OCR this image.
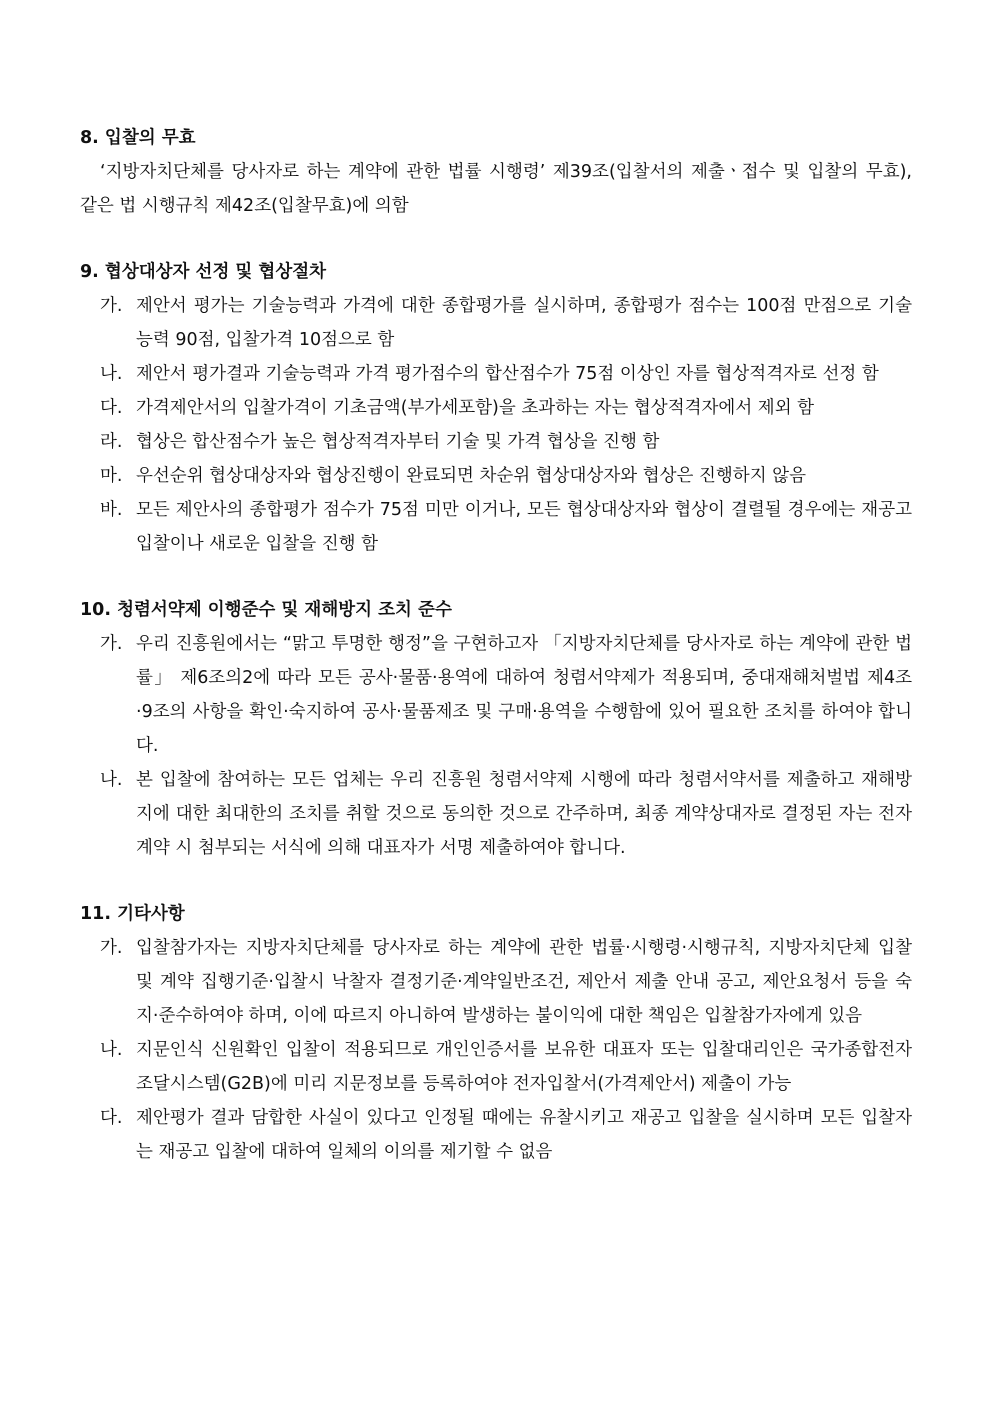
8. 입찰의 무효
‘지방자치단체를 당사자로 하는 계약에 관한 법률 시행령’ 제39조(입찰서의 제출ㆍ접수 및 입찰의 무효), 같은 법 시행규칙 제42조(입찰무효)에 의함
9. 협상대상자 선정 및 협상절차
가. 제안서 평가는 기술능력과 가격에 대한 종합평가를 실시하며, 종합평가 점수는 100점 만점으로 기술능력 90점, 입찰가격 10점으로 함
나. 제안서 평가결과 기술능력과 가격 평가점수의 합산점수가 75점 이상인 자를 협상적격자로 선정 함
다. 가격제안서의 입찰가격이 기초금액(부가세포함)을 초과하는 자는 협상적격자에서 제외 함
라. 협상은 합산점수가 높은 협상적격자부터 기술 및 가격 협상을 진행 함
마. 우선순위 협상대상자와 협상진행이 완료되면 차순위 협상대상자와 협상은 진행하지 않음
바. 모든 제안사의 종합평가 점수가 75점 미만 이거나, 모든 협상대상자와 협상이 결렬될 경우에는 재공고입찰이나 새로운 입찰을 진행 함
10. 청렴서약제 이행준수 및 재해방지 조치 준수
가. 우리 진흥원에서는 “맑고 투명한 행정”을 구현하고자 「지방자치단체를 당사자로 하는 계약에 관한 법률」 제6조의2에 따라 모든 공사·물품·용역에 대하여 청렴서약제가 적용되며, 중대재해처벌법 제4조·9조의 사항을 확인·숙지하여 공사·물품제조 및 구매·용역을 수행함에 있어 필요한 조치를 하여야 합니다.
나. 본 입찰에 참여하는 모든 업체는 우리 진흥원 청렴서약제 시행에 따라 청렴서약서를 제출하고 재해방지에 대한 최대한의 조치를 취할 것으로 동의한 것으로 간주하며, 최종 계약상대자로 결정된 자는 전자계약 시 첨부되는 서식에 의해 대표자가 서명 제출하여야 합니다.
11. 기타사항
가. 입찰참가자는 지방자치단체를 당사자로 하는 계약에 관한 법률·시행령·시행규칙, 지방자치단체 입찰 및 계약 집행기준·입찰시 낙찰자 결정기준·계약일반조건, 제안서 제출 안내 공고, 제안요청서 등을 숙지·준수하여야 하며, 이에 따르지 아니하여 발생하는 불이익에 대한 책임은 입찰참가자에게 있음
나. 지문인식 신원확인 입찰이 적용되므로 개인인증서를 보유한 대표자 또는 입찰대리인은 국가종합전자조달시스템(G2B)에 미리 지문정보를 등록하여야 전자입찰서(가격제안서) 제출이 가능
다. 제안평가 결과 담합한 사실이 있다고 인정될 때에는 유찰시키고 재공고 입찰을 실시하며 모든 입찰자는 재공고 입찰에 대하여 일체의 이의를 제기할 수 없음
